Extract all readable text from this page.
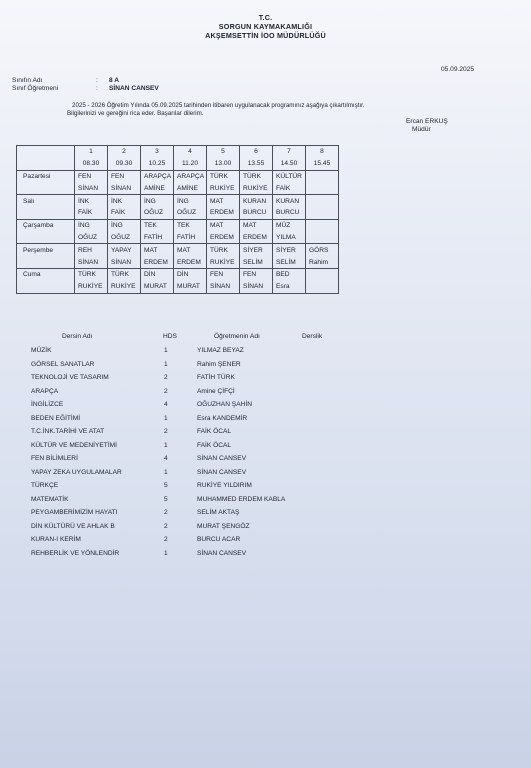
T.C.
SORGUN KAYMAKAMLIĞI
AKŞEMSETTİN İOO MÜDÜRLÜĞÜ
05.09.2025
Sınıfın Adı	: 8 A
Sınıf Öğretmeni	: SİNAN CANSEV
2025 - 2026 Öğretim Yılında 05.09.2025 tarihinden itibaren uygulanacak programınız aşağıya çıkartılmıştır.
Bilgilerinizi ve gereğini rica eder. Başarılar dilerim.
Ercan ERKUŞ
Müdür
	1	2	3	4	5	6	7	8
	08.30	09.30	10.25	11.20	13.00	13.55	14.50	15.45
Pazartesi	FEN	FEN	ARAPÇA	ARAPÇA	TÜRK	TÜRK	KÜLTÜR	
	SİNAN	SİNAN	AMİNE	AMİNE	RUKİYE	RUKİYE	FAİK	
Salı	İNK	İNK	İNG	İNG	MAT	KURAN	KURAN	
	FAİK	FAİK	OĞUZ	OĞUZ	ERDEM	BURCU	BURCU	
Çarşamba	İNG	İNG	TEK	TEK	MAT	MAT	MÜZ	
	OĞUZ	OĞUZ	FATİH	FATİH	ERDEM	ERDEM	YILMA	
Perşembe	REH	YAPAY	MAT	MAT	TÜRK	SİYER	SİYER	GÖRS
	SİNAN	SİNAN	ERDEM	ERDEM	RUKİYE	SELİM	SELİM	Rahim
Cuma	TÜRK	TÜRK	DİN	DİN	FEN	FEN	BED	
	RUKİYE	RUKİYE	MURAT	MURAT	SİNAN	SİNAN	Esra	
Dersin Adı	HDS	Öğretmenin Adı	Derslik
MÜZİK	1	YILMAZ BEYAZ
GÖRSEL SANATLAR	1	Rahim ŞENER
TEKNOLOJİ VE TASARIM	2	FATİH TÜRK
ARAPÇA	2	Amine ÇİFÇİ
İNGİLİZCE	4	OĞUZHAN ŞAHİN
BEDEN EĞİTİMİ	1	Esra KANDEMİR
T.C.İNK.TARİHİ VE ATAT	2	FAİK ÖCAL
KÜLTÜR VE MEDENİYETİMİ	1	FAİK ÖCAL
FEN BİLİMLERİ	4	SİNAN CANSEV
YAPAY ZEKA UYGULAMALAR	1	SİNAN CANSEV
TÜRKÇE	5	RUKİYE YILDIRIM
MATEMATİK	5	MUHAMMED ERDEM KABLA
PEYGAMBERİMİZİM HAYATI	2	SELİM AKTAŞ
DİN KÜLTÜRÜ VE AHLAK B	2	MURAT ŞENGÖZ
KURAN-I KERİM	2	BURCU ACAR
REHBERLİK VE YÖNLENDİR	1	SİNAN CANSEV
